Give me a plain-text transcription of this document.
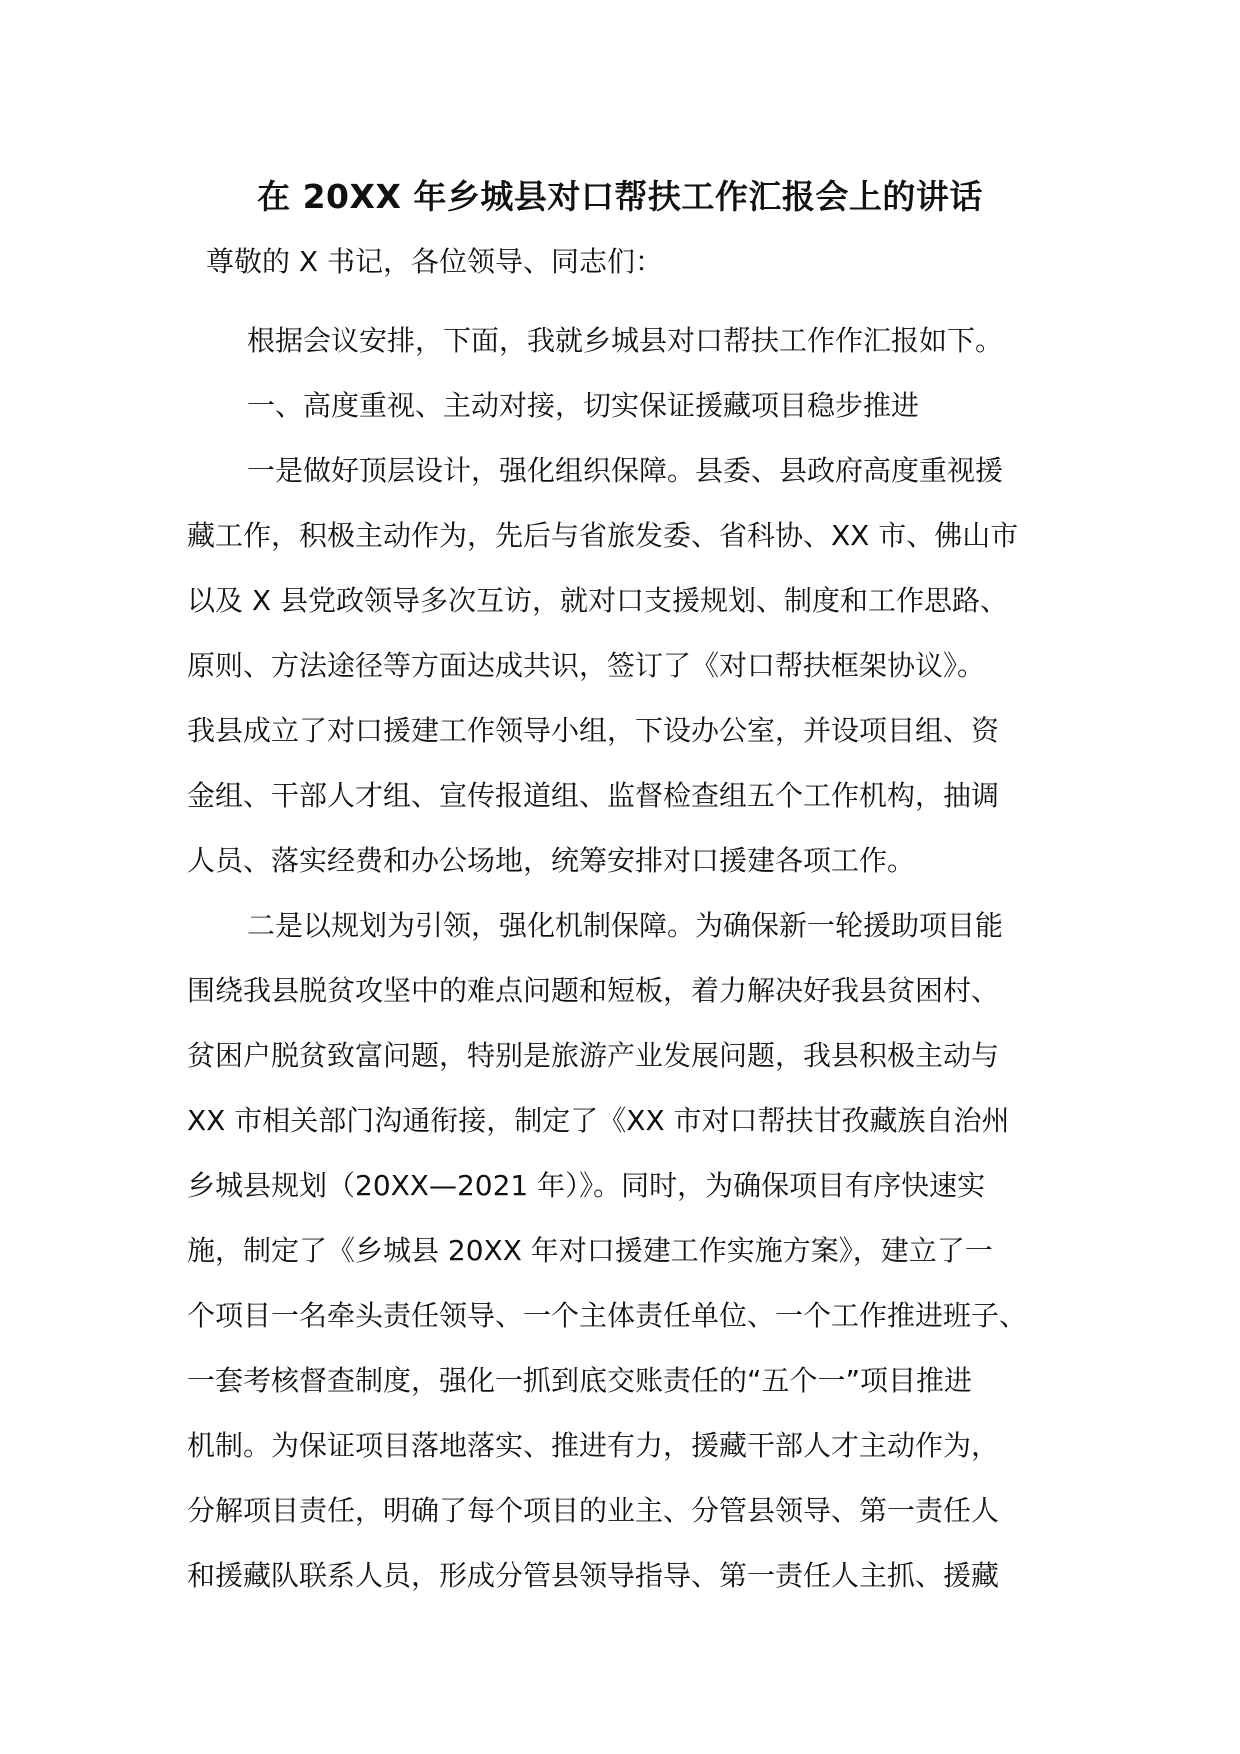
在 20XX 年乡城县对口帮扶工作汇报会上的讲话

尊敬的 X 书记，各位领导、同志们：

根据会议安排，下面，我就乡城县对口帮扶工作作汇报如下。
一、高度重视、主动对接，切实保证援藏项目稳步推进
一是做好顶层设计，强化组织保障。县委、县政府高度重视援
藏工作，积极主动作为，先后与省旅发委、省科协、XX 市、佛山市
以及 X 县党政领导多次互访，就对口支援规划、制度和工作思路、
原则、方法途径等方面达成共识，签订了《对口帮扶框架协议》。
我县成立了对口援建工作领导小组，下设办公室，并设项目组、资
金组、干部人才组、宣传报道组、监督检查组五个工作机构，抽调
人员、落实经费和办公场地，统筹安排对口援建各项工作。
二是以规划为引领，强化机制保障。为确保新一轮援助项目能
围绕我县脱贫攻坚中的难点问题和短板，着力解决好我县贫困村、
贫困户脱贫致富问题，特别是旅游产业发展问题，我县积极主动与
XX 市相关部门沟通衔接，制定了《XX 市对口帮扶甘孜藏族自治州
乡城县规划（20XX—2021 年）》。同时，为确保项目有序快速实
施，制定了《乡城县 20XX 年对口援建工作实施方案》，建立了一
个项目一名牵头责任领导、一个主体责任单位、一个工作推进班子、
一套考核督查制度，强化一抓到底交账责任的“五个一”项目推进
机制。为保证项目落地落实、推进有力，援藏干部人才主动作为，
分解项目责任，明确了每个项目的业主、分管县领导、第一责任人
和援藏队联系人员，形成分管县领导指导、第一责任人主抓、援藏
